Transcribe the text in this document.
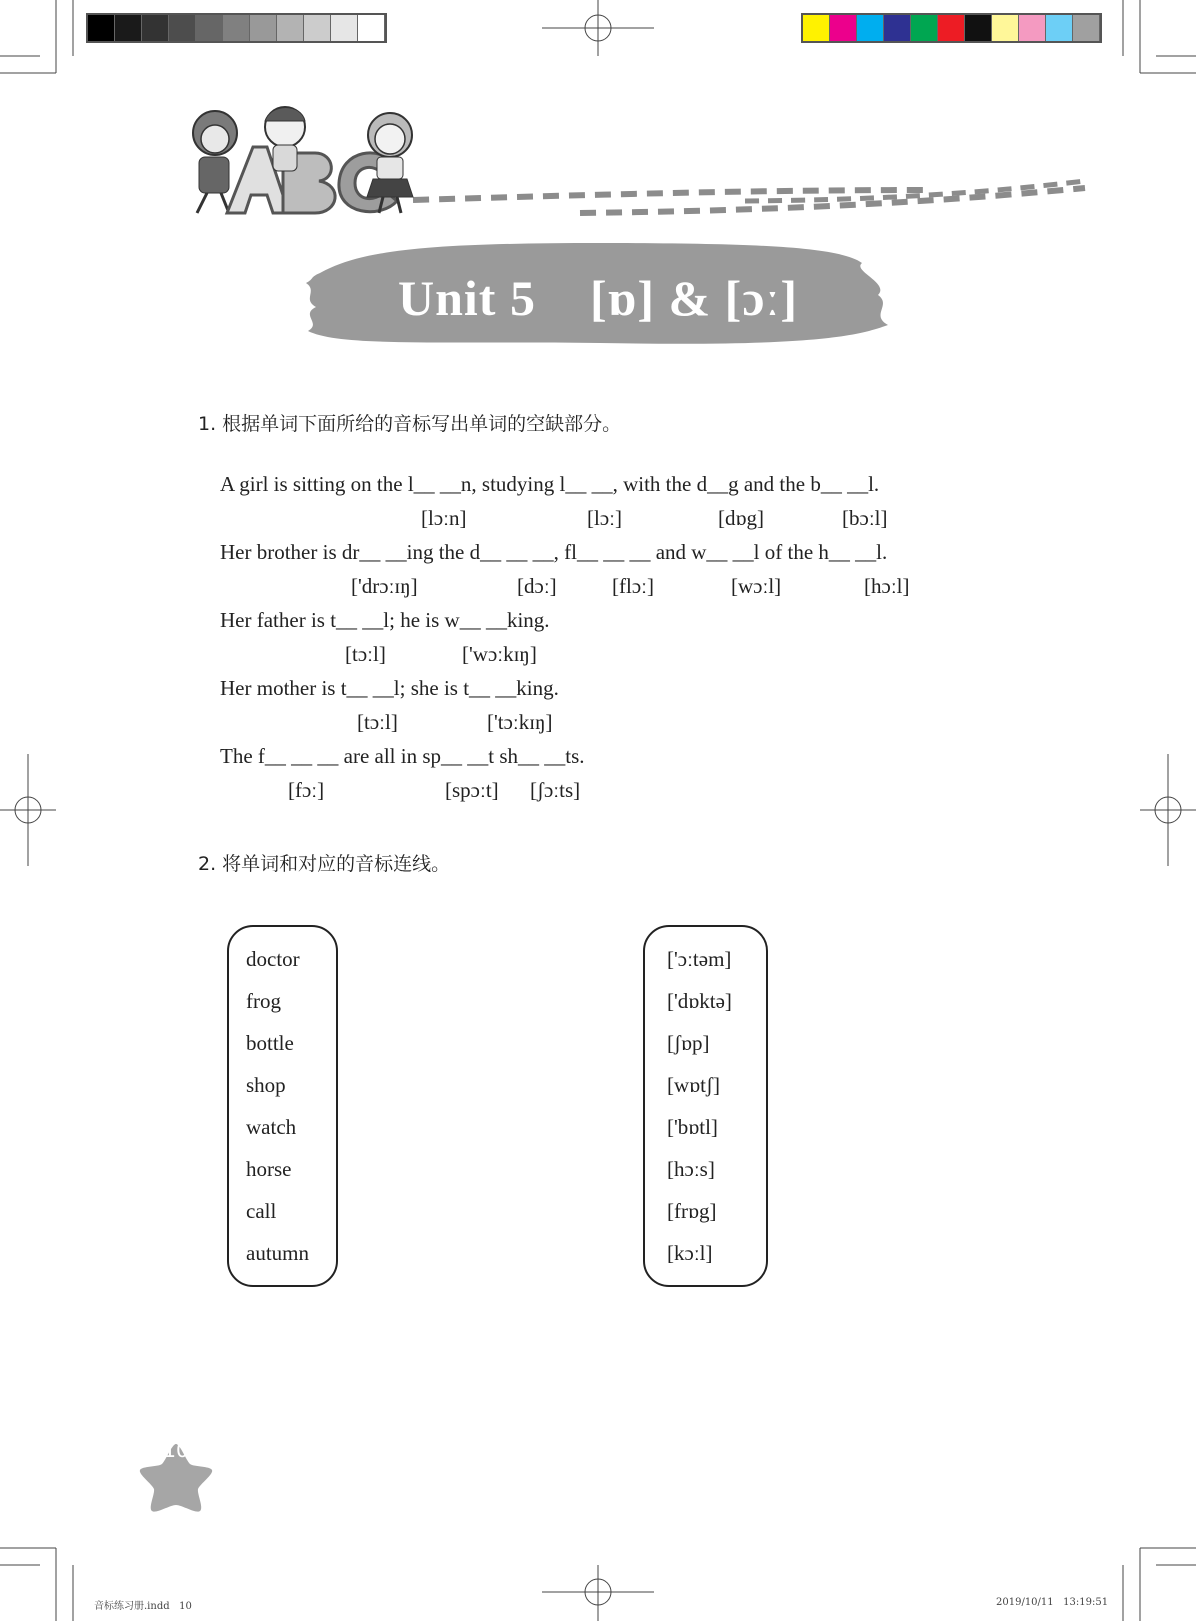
Unit 5    [ɒ] & [ɔː]
1. 根据单词下面所给的音标写出单词的空缺部分。
A girl is sitting on the l__ __n, studying l__ __, with the d__g and the b__ __l.
[lɔːn]	[lɔː]	[dɒg]	[bɔːl]
Her brother is dr__ __ing the d__ __ __, fl__ __ __ and w__ __l of the h__ __l.
['drɔːɪŋ]	[dɔː]	[flɔː]	[wɔːl]	[hɔːl]
Her father is t__ __l; he is w__ __king.
[tɔːl]	['wɔːkɪŋ]
Her mother is t__ __l; she is t__ __king.
[tɔːl]	['tɔːkɪŋ]
The f__ __ __ are all in sp__ __t sh__ __ts.
[fɔː]	[spɔːt] [ʃɔːts]
2. 将单词和对应的音标连线。
doctor
frog
bottle
shop
watch
horse
call
autumn
['ɔːtəm]
['dɒktə]
[ʃɒp]
[wɒtʃ]
['bɒtl]
[hɔːs]
[frɒg]
[kɔːl]
10
音标练习册.indd   10	2019/10/11   13:19:51
